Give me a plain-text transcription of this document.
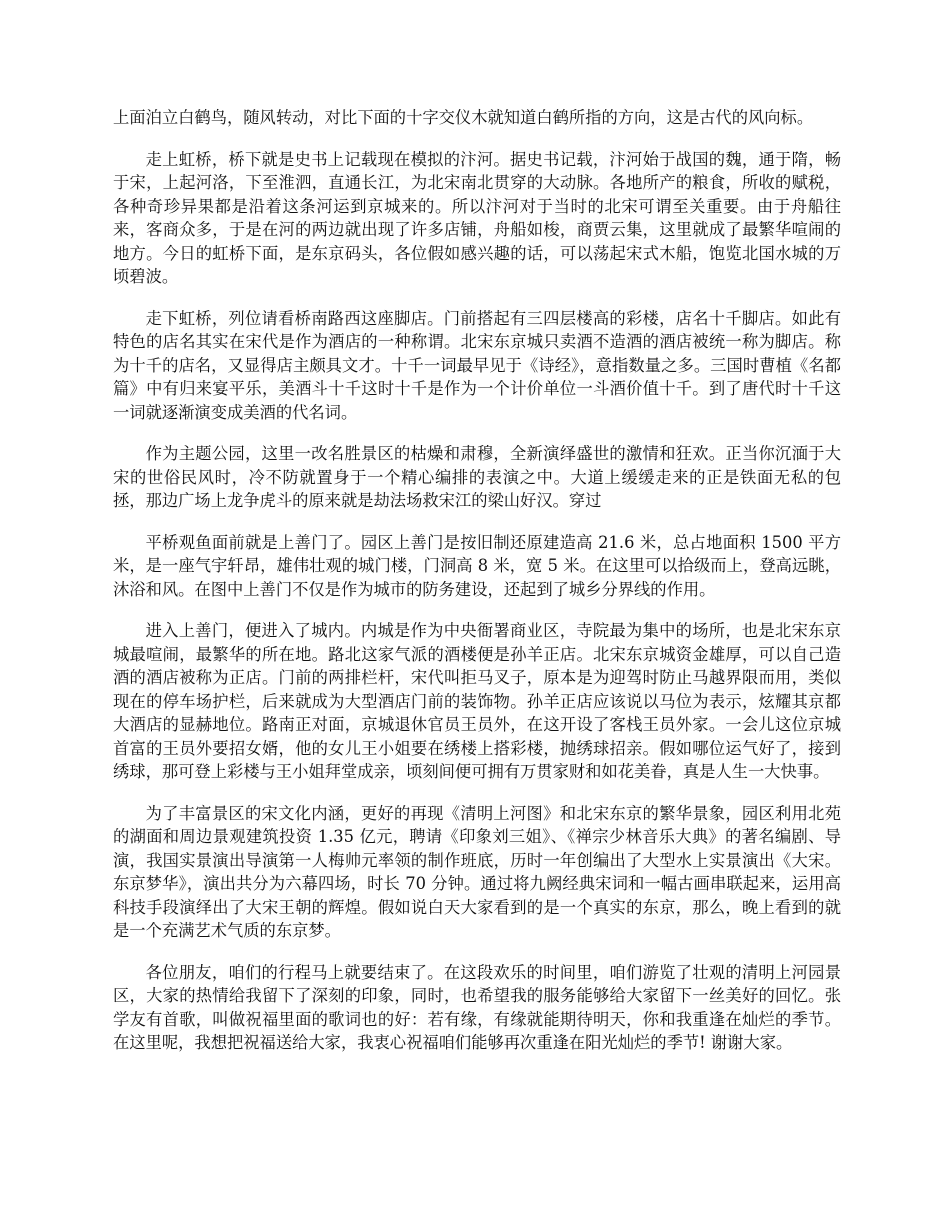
上面泊立白鹤鸟，随风转动，对比下面的十字交仪木就知道白鹤所指的方向，这是古代的风向标。

走上虹桥，桥下就是史书上记载现在模拟的汴河。据史书记载，汴河始于战国的魏，通于隋，畅于宋，上起河洛，下至淮泗，直通长江，为北宋南北贯穿的大动脉。各地所产的粮食，所收的赋税，各种奇珍异果都是沿着这条河运到京城来的。所以汴河对于当时的北宋可谓至关重要。由于舟船往来，客商众多，于是在河的两边就出现了许多店铺，舟船如梭，商贾云集，这里就成了最繁华喧闹的地方。今日的虹桥下面，是东京码头，各位假如感兴趣的话，可以荡起宋式木船，饱览北国水城的万顷碧波。

走下虹桥，列位请看桥南路西这座脚店。门前搭起有三四层楼高的彩楼，店名十千脚店。如此有特色的店名其实在宋代是作为酒店的一种称谓。北宋东京城只卖酒不造酒的酒店被统一称为脚店。称为十千的店名，又显得店主颇具文才。十千一词最早见于《诗经》，意指数量之多。三国时曹植《名都篇》中有归来宴平乐，美酒斗十千这时十千是作为一个计价单位一斗酒价值十千。到了唐代时十千这一词就逐渐演变成美酒的代名词。

作为主题公园，这里一改名胜景区的枯燥和肃穆，全新演绎盛世的激情和狂欢。正当你沉湎于大宋的世俗民风时，冷不防就置身于一个精心编排的表演之中。大道上缓缓走来的正是铁面无私的包拯，那边广场上龙争虎斗的原来就是劫法场救宋江的梁山好汉。穿过

平桥观鱼面前就是上善门了。园区上善门是按旧制还原建造高 21.6 米，总占地面积 1500 平方米，是一座气宇轩昂，雄伟壮观的城门楼，门洞高 8 米，宽 5 米。在这里可以拾级而上，登高远眺，沐浴和风。在图中上善门不仅是作为城市的防务建设，还起到了城乡分界线的作用。

进入上善门，便进入了城内。内城是作为中央衙署商业区，寺院最为集中的场所，也是北宋东京城最喧闹，最繁华的所在地。路北这家气派的酒楼便是孙羊正店。北宋东京城资金雄厚，可以自己造酒的酒店被称为正店。门前的两排栏杆，宋代叫拒马叉子，原本是为迎驾时防止马越界限而用，类似现在的停车场护栏，后来就成为大型酒店门前的装饰物。孙羊正店应该说以马位为表示，炫耀其京都大酒店的显赫地位。路南正对面，京城退休官员王员外，在这开设了客栈王员外家。一会儿这位京城首富的王员外要招女婿，他的女儿王小姐要在绣楼上搭彩楼，抛绣球招亲。假如哪位运气好了，接到绣球，那可登上彩楼与王小姐拜堂成亲，顷刻间便可拥有万贯家财和如花美眷，真是人生一大快事。

为了丰富景区的宋文化内涵，更好的再现《清明上河图》和北宋东京的繁华景象，园区利用北苑的湖面和周边景观建筑投资 1.35 亿元，聘请《印象刘三姐》、《禅宗少林音乐大典》的著名编剧、导演，我国实景演出导演第一人梅帅元率领的制作班底，历时一年创编出了大型水上实景演出《大宋。东京梦华》，演出共分为六幕四场，时长 70 分钟。通过将九阙经典宋词和一幅古画串联起来，运用高科技手段演绎出了大宋王朝的辉煌。假如说白天大家看到的是一个真实的东京，那么，晚上看到的就是一个充满艺术气质的东京梦。

各位朋友，咱们的行程马上就要结束了。在这段欢乐的时间里，咱们游览了壮观的清明上河园景区，大家的热情给我留下了深刻的印象，同时，也希望我的服务能够给大家留下一丝美好的回忆。张学友有首歌，叫做祝福里面的歌词也的好：若有缘，有缘就能期待明天，你和我重逢在灿烂的季节。在这里呢，我想把祝福送给大家，我衷心祝福咱们能够再次重逢在阳光灿烂的季节! 谢谢大家。
